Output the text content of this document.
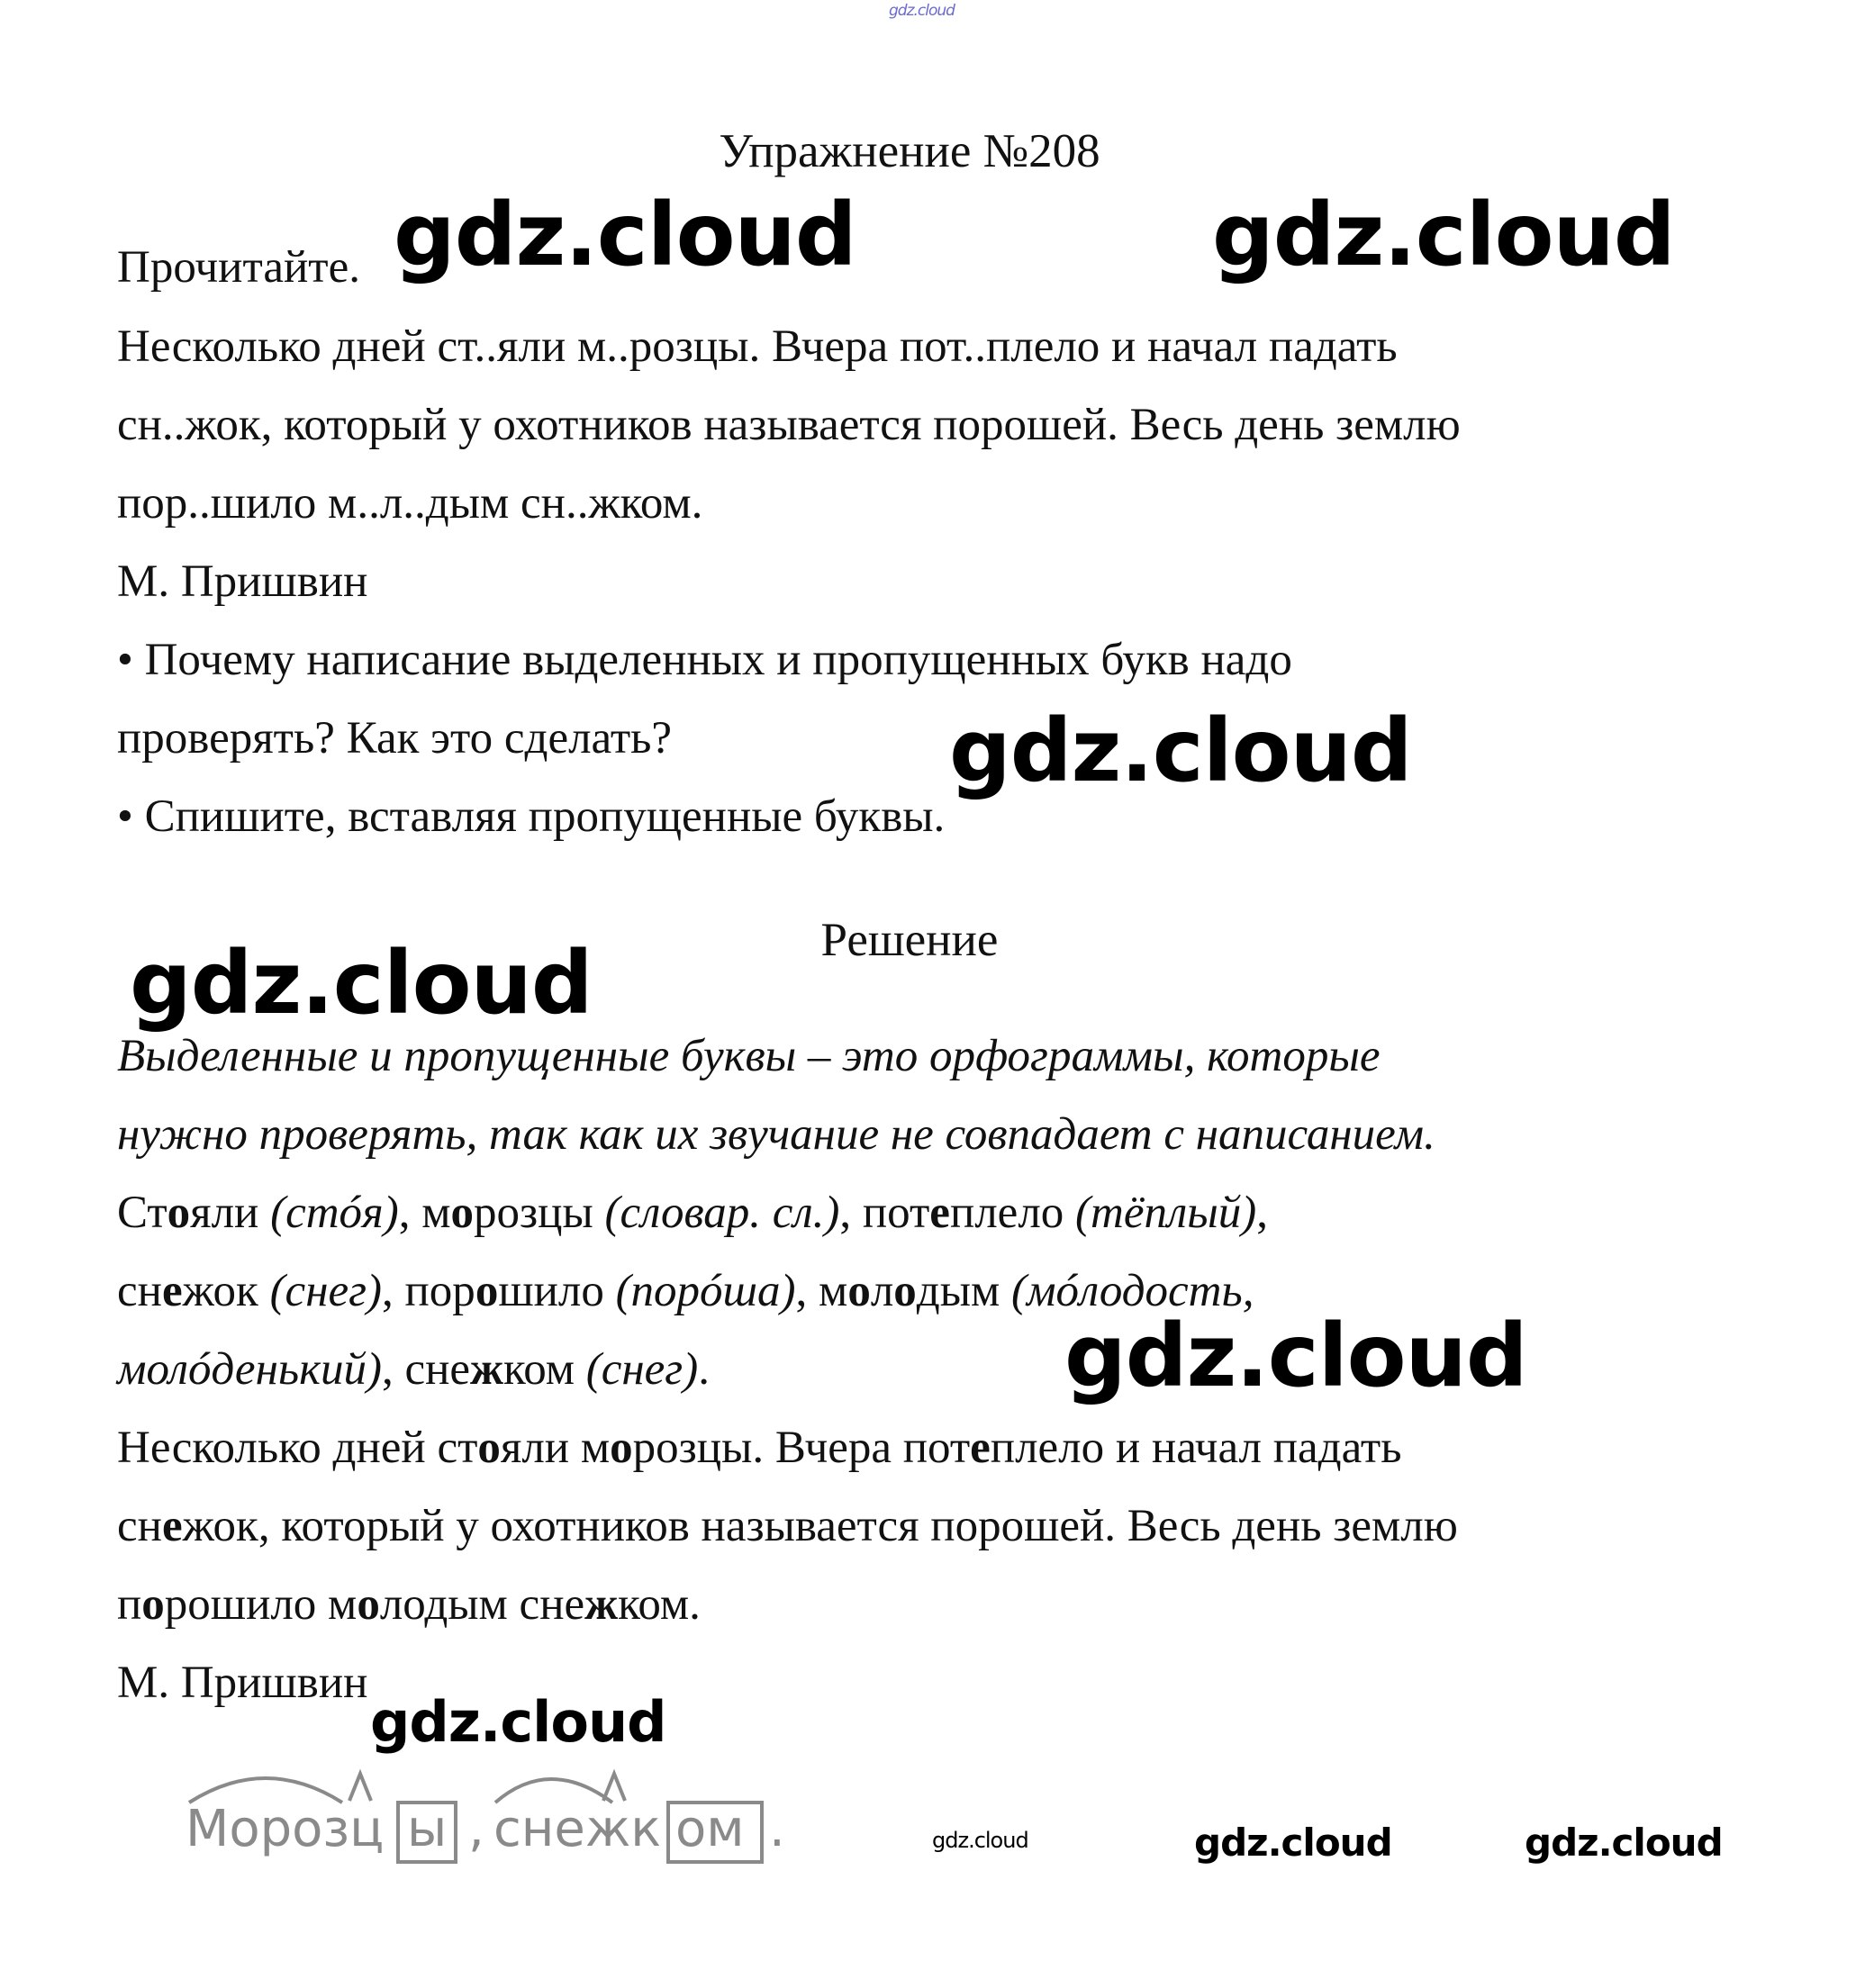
gdz.cloud
Упражнение №208
Прочитайте.
Несколько дней ст..яли м..розцы. Вчера пот..плело и начал падать
сн..жок, который у охотников называется порошей. Весь день землю
пор..шило м..л..дым сн..жком.
М. Пришвин
• Почему написание выделенных и пропущенных букв надо
проверять? Как это сделать?
• Спишите, вставляя пропущенные буквы.
Решение
Выделенные и пропущенные буквы – это орфограммы, которые
нужно проверять, так как их звучание не совпадает с написанием.
Стояли (стóя), морозцы (словар. сл.), потеплело (тёплый),
снежок (снег), порошило (порóша), молодым (мóлодость,
молóденький), снежком (снег).
Несколько дней стояли морозцы. Вчера потеплело и начал падать
снежок, который у охотников называется порошей. Весь день землю
порошило молодым снежком.
М. Пришвин
Морозц ы , снежк ом .
gdz.cloud	gdz.cloud
gdz.cloud
gdz.cloud
gdz.cloud
gdz.cloud
gdz.cloud	gdz.cloud	gdz.cloud
